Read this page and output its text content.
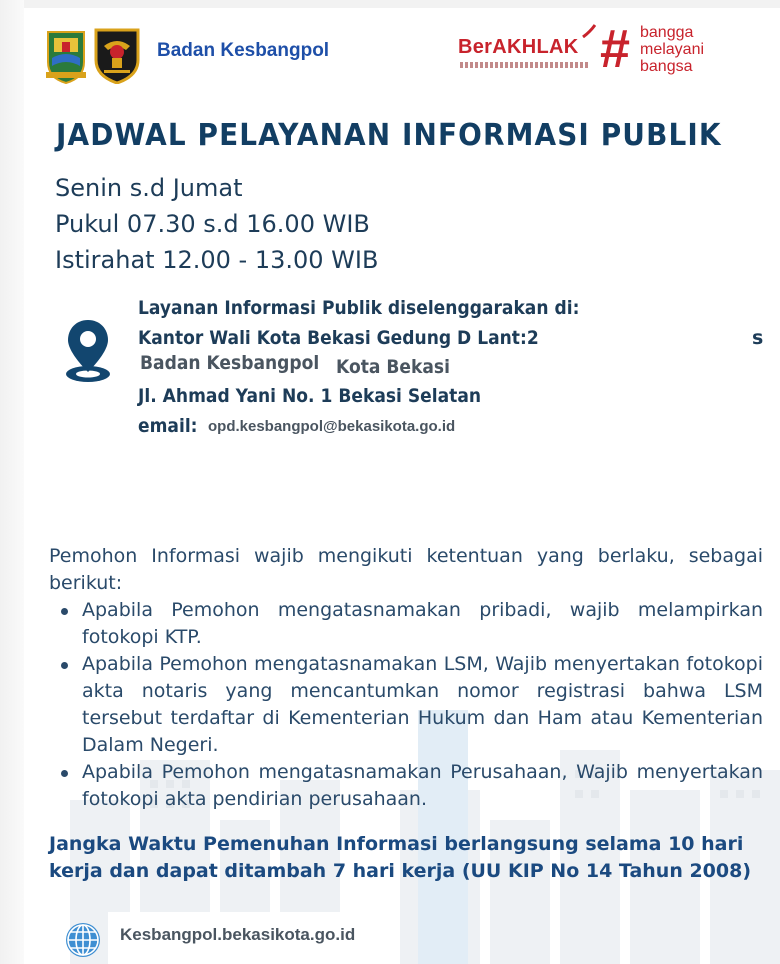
Badan Kesbangpol	BerAKHLAK # bangga
melayani
bangsa
JADWAL PELAYANAN INFORMASI PUBLIK
Senin s.d Jumat
Pukul 07.30 s.d 16.00 WIB
Istirahat 12.00 - 13.00 WIB
Layanan Informasi Publik diselenggarakan di:
Kantor Wali Kota Bekasi Gedung D Lant:2	s
Badan Kesbangpol Kota Bekasi
Jl. Ahmad Yani No. 1 Bekasi Selatan
email: opd.kesbangpol@bekasikota.go.id
Pemohon Informasi wajib mengikuti ketentuan yang berlaku, sebagai berikut:
Apabila Pemohon mengatasnamakan pribadi, wajib melampirkan fotokopi KTP.
Apabila Pemohon mengatasnamakan LSM, Wajib menyertakan fotokopi akta notaris yang mencantumkan nomor registrasi bahwa LSM tersebut terdaftar di Kementerian Hukum dan Ham atau Kementerian Dalam Negeri.
Apabila Pemohon mengatasnamakan Perusahaan, Wajib menyertakan fotokopi akta pendirian perusahaan.
Jangka Waktu Pemenuhan Informasi berlangsung selama 10 hari kerja dan dapat ditambah 7 hari kerja (UU KIP No 14 Tahun 2008)
Kesbangpol.bekasikota.go.id
